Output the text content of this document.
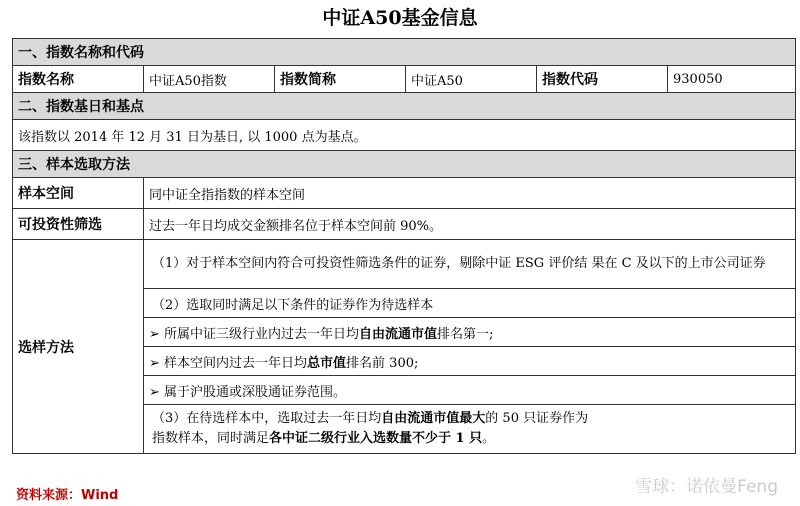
中证A50基金信息
一、指数名称和代码					
指数名称	中证A50指数	指数简称	中证A50	指数代码	930050
二、指数基日和基点					
该指数以 2014 年 12 月 31 日为基日, 以 1000 点为基点。					
三、样本选取方法					
样本空间	同中证全指指数的样本空间				
可投资性筛选	过去一年日均成交金额排名位于样本空间前 90%。				
选样方法	（1）对于样本空间内符合可投资性筛选条件的证券，剔除中证 ESG 评价结 果在 C 及以下的上市公司证券				
	（2）选取同时满足以下条件的证券作为待选样本				
	➢ 所属中证三级行业内过去一年日均自由流通市值排名第一;				
	➢ 样本空间内过去一年日均总市值排名前 300;				
	➢ 属于沪股通或深股通证券范围。				
	（3）在待选样本中，选取过去一年日均自由流通市值最大的 50 只证券作为
指数样本，同时满足各中证二级行业入选数量不少于 1 只。				
资料来源：Wind	雪球：诺依曼Feng
